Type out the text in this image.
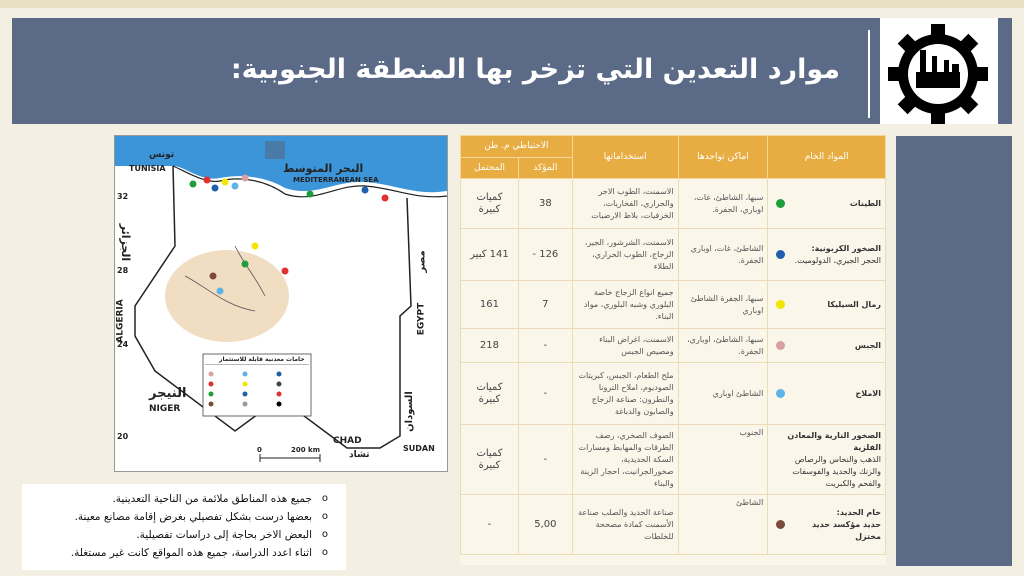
موارد التعدين التي تزخر بها المنطقة الجنوبية:
تونس
TUNISIA	البحر المتوسط
MEDITERRANEAN SEA
الجزائر
ALGERIA
مصر
EGYPT
النيجر
NIGER
CHAD
تشاد
السودان
SUDAN
32
28
24
20
0	200 km
خامات معدنية قابلة للاستثمار
المواد الخام	اماكن تواجدها	استخداماتها	الاحتياطي م. طن	
			المؤكد	المحتمل

الطينات	سبها، الشاطئ، غات، اوباري، الجفرة.	الاسمنت، الطوب الاجر والحراري، الفخاريات، الخزفيات، بلاط الارضيات	38	كميات كبيرة

الصخور الكربونية:
الحجر الجيري، الدولوميت.	الشاطئ، غات، اوباري الجفرة.	الاسمنت، الشرشور، الجير، الزجاج، الطوب الحراري، الطلاء	126 -	141 كبير

رمال السيليكا	سبها، الجفرة الشاطئ اوباري	جميع انواع الزجاج خاصة البلوري وشبه البلوري، مواد البناء.	7	161

الجبس	سبها، الشاطئ، اوباري، الجفرة.	الاسمنت، اغراض البناء ومصيص الجبس	-	218

الاملاح	الشاطئ اوباري	ملح الطعام، الجبس، كبريتات الصوديوم، املاح الترونا والنطرون: صناعة الزجاج والصابون والدباغة	-	كميات كبيرة

الصخور النارية والمعادن الفلزية
الذهب والنحاس والرصاص والزنك والحديد والفوسفات والفحم والكبريت	الجنوب	الصوف الصخري، رصف الطرقات والمهابط ومسارات السكة الحديدية، صخورالجرانيت، احجار الزينة والبناء	-	كميات كبيرة

خام الحديد:
حديد مؤكسد حديد مختزل	الشاطئ	صناعة الحديد والصلب صناعة الأسمنت كمادة مصححة للخلطات	5,00	-
o جميع هذه المناطق ملائمة من الناحية التعدينية.
o بعضها درست بشكل تفصيلي بغرض إقامة مصانع معينة.
o البعض الاخر بحاجة إلى دراسات تفصيلية.
o اثناء اعدد الدراسة، جميع هذه المواقع كانت غير مستغلة.
